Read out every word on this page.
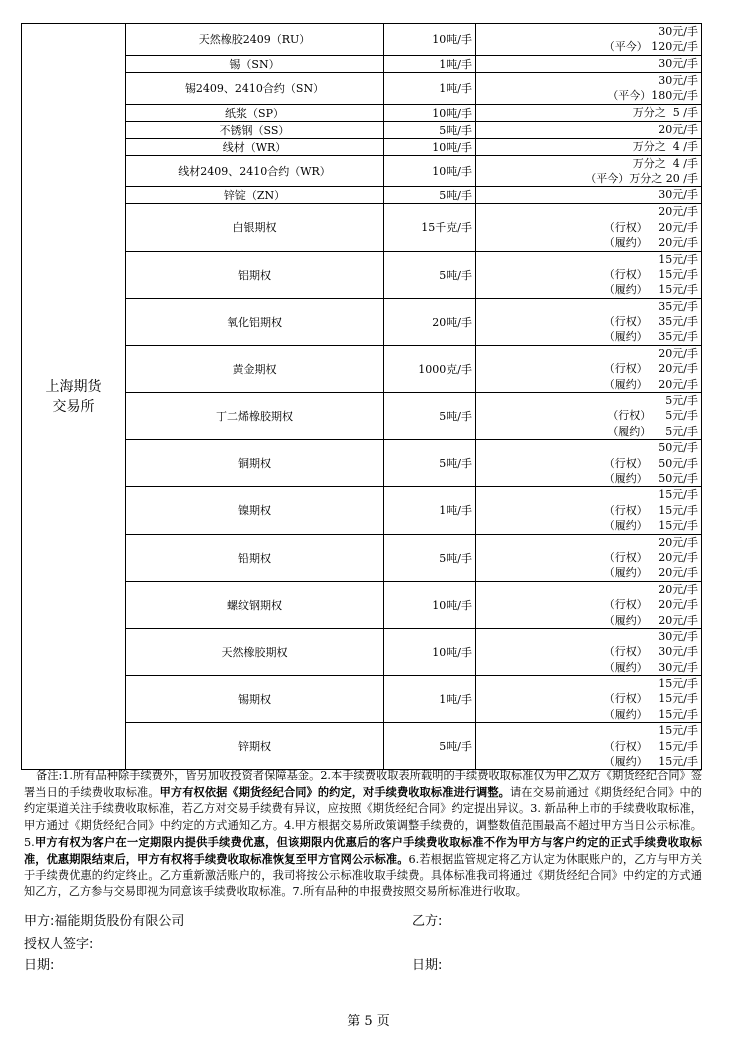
上海期货
交易所	天然橡胶2409（RU）	10吨/手	30元/手
（平今） 120元/手

	锡（SN）	1吨/手	30元/手

	锡2409、2410合约（SN）	1吨/手	30元/手
（平今）180元/手

	纸浆（SP）	10吨/手	万分之  5 /手

	不锈钢（SS）	5吨/手	20元/手

	线材（WR）	10吨/手	万分之  4 /手

	线材2409、2410合约（WR）	10吨/手	万分之  4 /手
（平今）万分之 20 /手

	锌锭（ZN）	5吨/手	30元/手

	白银期权	15千克/手	20元/手
（行权）   20元/手
（履约）   20元/手

	铝期权	5吨/手	15元/手
（行权）   15元/手
（履约）   15元/手

	氧化铝期权	20吨/手	35元/手
（行权）   35元/手
（履约）   35元/手

	黄金期权	1000克/手	20元/手
（行权）   20元/手
（履约）   20元/手

	丁二烯橡胶期权	5吨/手	5元/手
（行权）    5元/手
（履约）    5元/手

	铜期权	5吨/手	50元/手
（行权）   50元/手
（履约）   50元/手

	镍期权	1吨/手	15元/手
（行权）   15元/手
（履约）   15元/手

	铅期权	5吨/手	20元/手
（行权）   20元/手
（履约）   20元/手

	螺纹钢期权	10吨/手	20元/手
（行权）   20元/手
（履约）   20元/手

	天然橡胶期权	10吨/手	30元/手
（行权）   30元/手
（履约）   30元/手

	锡期权	1吨/手	15元/手
（行权）   15元/手
（履约）   15元/手

	锌期权	5吨/手	15元/手
（行权）   15元/手
（履约）   15元/手

备注:1.所有品种除手续费外，皆另加收投资者保障基金。2.本手续费收取表所载明的手续费收取标准仅为甲乙双方《期货经纪合同》签署当日的手续费收取标准。甲方有权依据《期货经纪合同》的约定，对手续费收取标准进行调整。请在交易前通过《期货经纪合同》中的约定渠道关注手续费收取标准，若乙方对交易手续费有异议，应按照《期货经纪合同》约定提出异议。3. 新品种上市的手续费收取标准，甲方通过《期货经纪合同》中约定的方式通知乙方。4.甲方根据交易所政策调整手续费的，调整数值范围最高不超过甲方当日公示标准。5.甲方有权为客户在一定期限内提供手续费优惠，但该期限内优惠后的客户手续费收取标准不作为甲方与客户约定的正式手续费收取标准，优惠期限结束后，甲方有权将手续费收取标准恢复至甲方官网公示标准。6.若根据监管规定将乙方认定为休眠账户的，乙方与甲方关于手续费优惠的约定终止。乙方重新激活账户的，我司将按公示标准收取手续费。具体标准我司将通过《期货经纪合同》中约定的方式通知乙方，乙方参与交易即视为同意该手续费收取标准。7.所有品种的申报费按照交易所标准进行收取。

甲方:福能期货股份有限公司	乙方:
授权人签字:
日期:	日期:
第 5 页
